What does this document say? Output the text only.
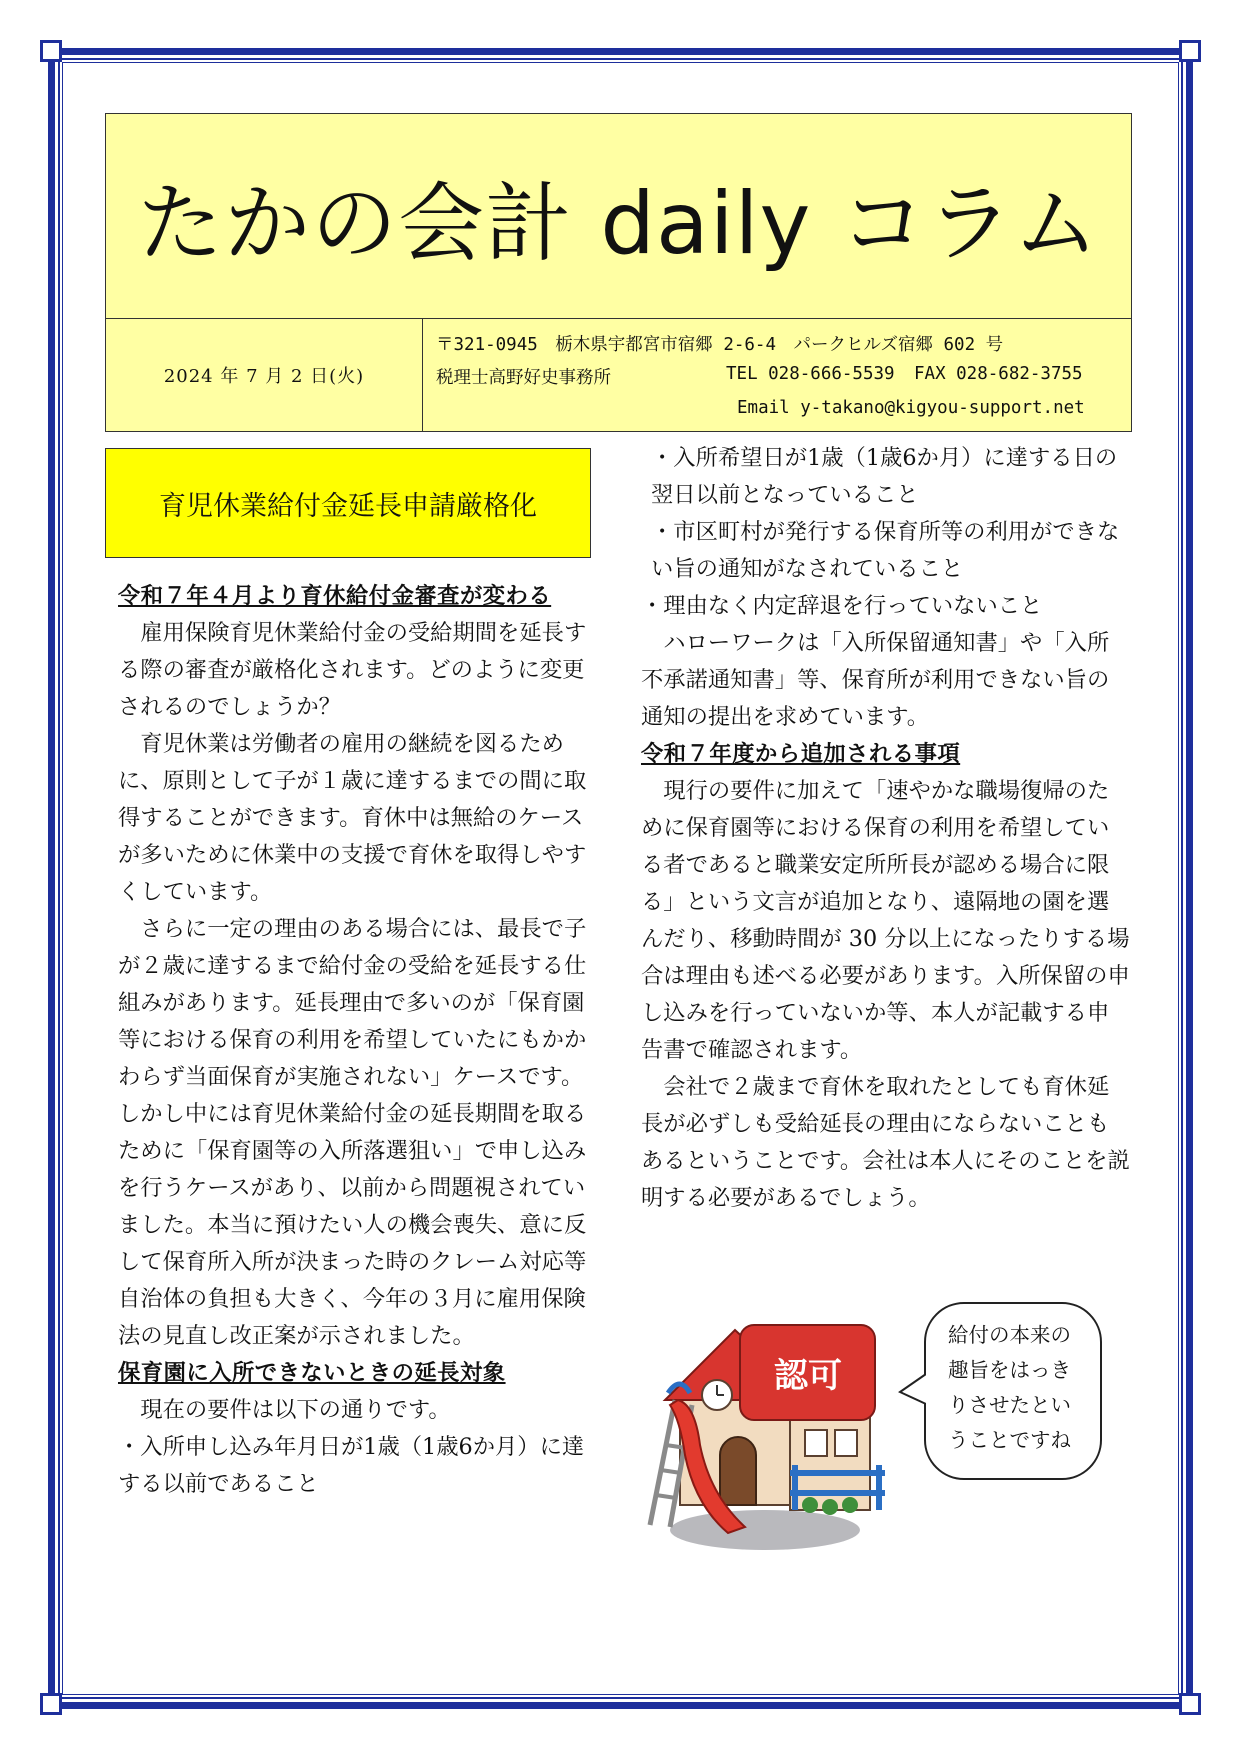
たかの会計 daily コラム
2024 年 7 月 2 日(火)
〒321-0945　栃木県宇都宮市宿郷 2-6-4　パークヒルズ宿郷 602 号
税理士高野好史事務所	TEL 028-666-5539 FAX 028-682-3755
Email y-takano@kigyou-support.net
育児休業給付金延長申請厳格化

令和７年４月より育休給付金審査が変わる

雇用保険育児休業給付金の受給期間を延長する際の審査が厳格化されます。どのように変更されるのでしょうか？

育児休業は労働者の雇用の継続を図るために、原則として子が１歳に達するまでの間に取得することができます。育休中は無給のケースが多いために休業中の支援で育休を取得しやすくしています。

さらに一定の理由のある場合には、最長で子が２歳に達するまで給付金の受給を延長する仕組みがあります。延長理由で多いのが「保育園等における保育の利用を希望していたにもかかわらず当面保育が実施されない」ケースです。しかし中には育児休業給付金の延長期間を取るために「保育園等の入所落選狙い」で申し込みを行うケースがあり、以前から問題視されていました。本当に預けたい人の機会喪失、意に反して保育所入所が決まった時のクレーム対応等自治体の負担も大きく、今年の３月に雇用保険法の見直し改正案が示されました。

保育園に入所できないときの延長対象

現在の要件は以下の通りです。

・入所申し込み年月日が1歳（1歳6か月）に達する以前であること

・入所希望日が1歳（1歳6か月）に達する日の翌日以前となっていること

・市区町村が発行する保育所等の利用ができない旨の通知がなされていること

・理由なく内定辞退を行っていないこと

ハローワークは「入所保留通知書」や「入所不承諾通知書」等、保育所が利用できない旨の通知の提出を求めています。

令和７年度から追加される事項

現行の要件に加えて「速やかな職場復帰のために保育園等における保育の利用を希望している者であると職業安定所所長が認める場合に限る」という文言が追加となり、遠隔地の園を選んだり、移動時間が 30 分以上になったりする場合は理由も述べる必要があります。入所保留の申し込みを行っていないか等、本人が記載する申告書で確認されます。

会社で２歳まで育休を取れたとしても育休延長が必ずしも受給延長の理由にならないこともあるということです。会社は本人にそのことを説明する必要があるでしょう。

認可
給付の本来の
趣旨をはっき
りさせたとい
うことですね
